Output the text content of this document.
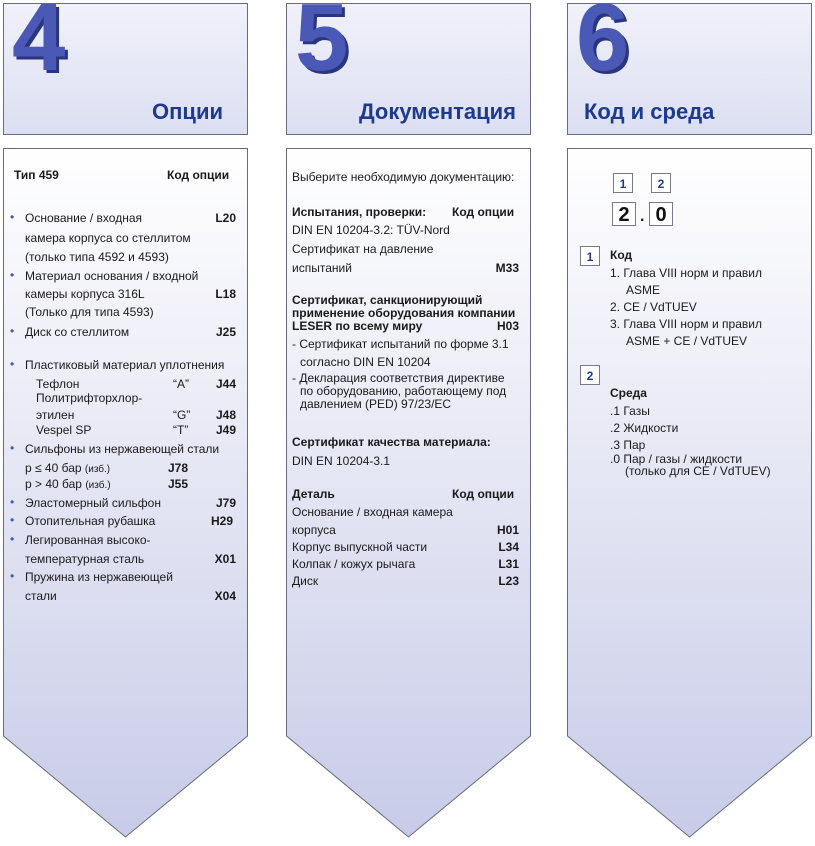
4
Опции
5
Документация
6
Код и среда
Тип 459	Код опции
• Основание / входная	L20
камера корпуса со стеллитом
(только типа 4592 и 4593)
• Материал основания / входной
камеры корпуса 316L	L18
(Только для типа 4593)
• Диск со стеллитом	J25
• Пластиковый материал уплотнения
Тефлон	“A” J44
Политрифторхлор-
этилен	“G” J48
Vespel SP	“T” J49
• Сильфоны из нержавеющей стали
p ≤ 40 бар (изб.)	J78
p > 40 бар (изб.)	J55
• Эластомерный сильфон	J79
• Отопительная рубашка	H29
• Легированная высоко-
температурная сталь	X01
• Пружина из нержавеющей
стали	X04
Выберите необходимую документацию:
Испытания, проверки: Код опции
DIN EN 10204-3.2: TÜV-Nord
Сертификат на давление
испытаний	M33
Сертификат, санкционирующий
применение оборудования компании
LESER по всему миру	H03
- Сертификат испытаний по форме 3.1
согласно DIN EN 10204
- Декларация соответствия директиве
по оборудованию, работающему под
давлением (PED) 97/23/EC
Сертификат качества материала:
DIN EN 10204-3.1
Деталь	Код опции
Основание / входная камера
корпуса	H01
Корпус выпускной части	L34
Колпак / кожух рычага	L31
Диск	L23
1	2
2 . 0
1	Код
1. Глава VIII норм и правил
ASME
2. CE / VdTUEV
3. Глава VIII норм и правил
ASME + CE / VdTUEV
2
Среда
.1 Газы
.2 Жидкости
.3 Пар
.0 Пар / газы / жидкости
(только для CE / VdTUEV)
